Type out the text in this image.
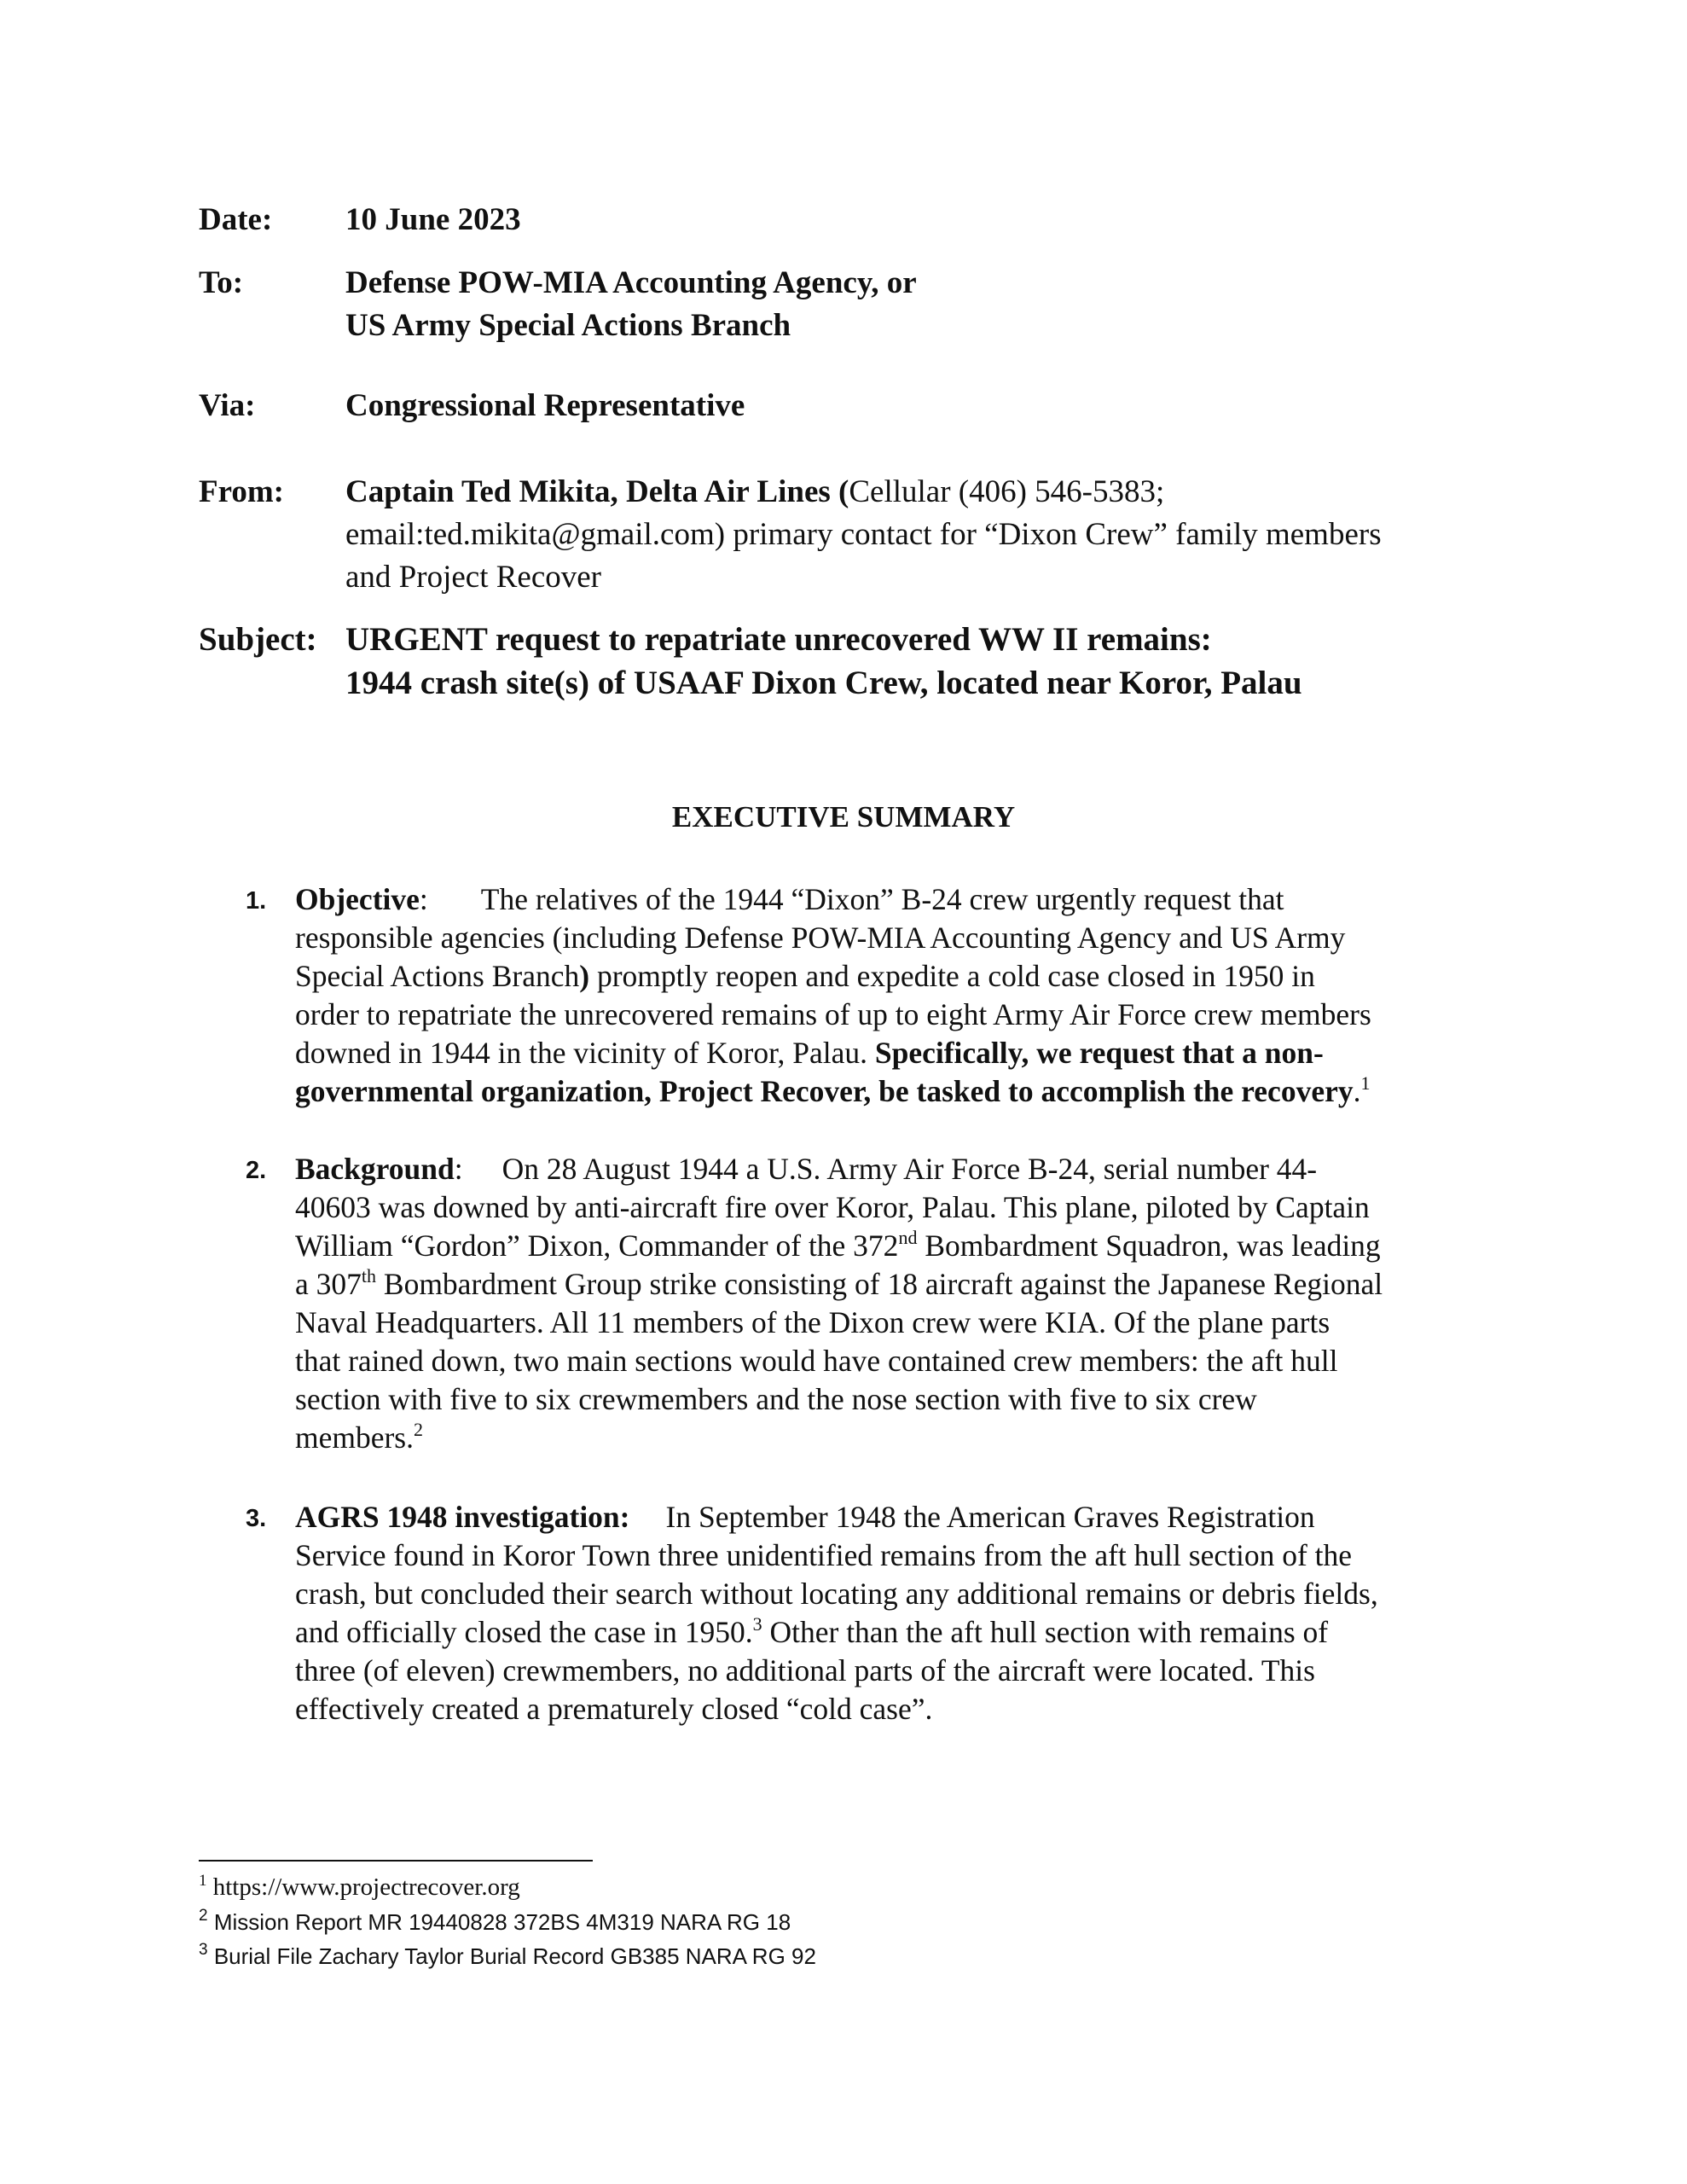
Date: 10 June 2023
To:	Defense POW-MIA Accounting Agency, or
US Army Special Actions Branch
Via:	Congressional Representative
From: Captain Ted Mikita, Delta Air Lines (Cellular (406) 546-5383;
email:ted.mikita@gmail.com) primary contact for “Dixon Crew” family members
and Project Recover
Subject: URGENT request to repatriate unrecovered WW II remains:
1944 crash site(s) of USAAF Dixon Crew, located near Koror, Palau
EXECUTIVE SUMMARY
1. Objective: The relatives of the 1944 “Dixon” B-24 crew urgently request that
responsible agencies (including Defense POW-MIA Accounting Agency and US Army
Special Actions Branch) promptly reopen and expedite a cold case closed in 1950 in
order to repatriate the unrecovered remains of up to eight Army Air Force crew members
downed in 1944 in the vicinity of Koror, Palau. Specifically, we request that a non-
governmental organization, Project Recover, be tasked to accomplish the recovery.$^1$
2. Background: On 28 August 1944 a U.S. Army Air Force B-24, serial number 44-
40603 was downed by anti-aircraft fire over Koror, Palau. This plane, piloted by Captain
William “Gordon” Dixon, Commander of the 372nd Bombardment Squadron, was leading
a 307th Bombardment Group strike consisting of 18 aircraft against the Japanese Regional
Naval Headquarters. All 11 members of the Dixon crew were KIA. Of the plane parts
that rained down, two main sections would have contained crew members: the aft hull
section with five to six crewmembers and the nose section with five to six crew
members.$^2$
3. AGRS 1948 investigation: In September 1948 the American Graves Registration
Service found in Koror Town three unidentified remains from the aft hull section of the
crash, but concluded their search without locating any additional remains or debris fields,
and officially closed the case in 1950.$^3$ Other than the aft hull section with remains of
three (of eleven) crewmembers, no additional parts of the aircraft were located. This
effectively created a prematurely closed “cold case”.
$^1$ https://www.projectrecover.org
$^2$ Mission Report MR 19440828 372BS 4M319 NARA RG 18
$^3$ Burial File Zachary Taylor Burial Record GB385 NARA RG 92
